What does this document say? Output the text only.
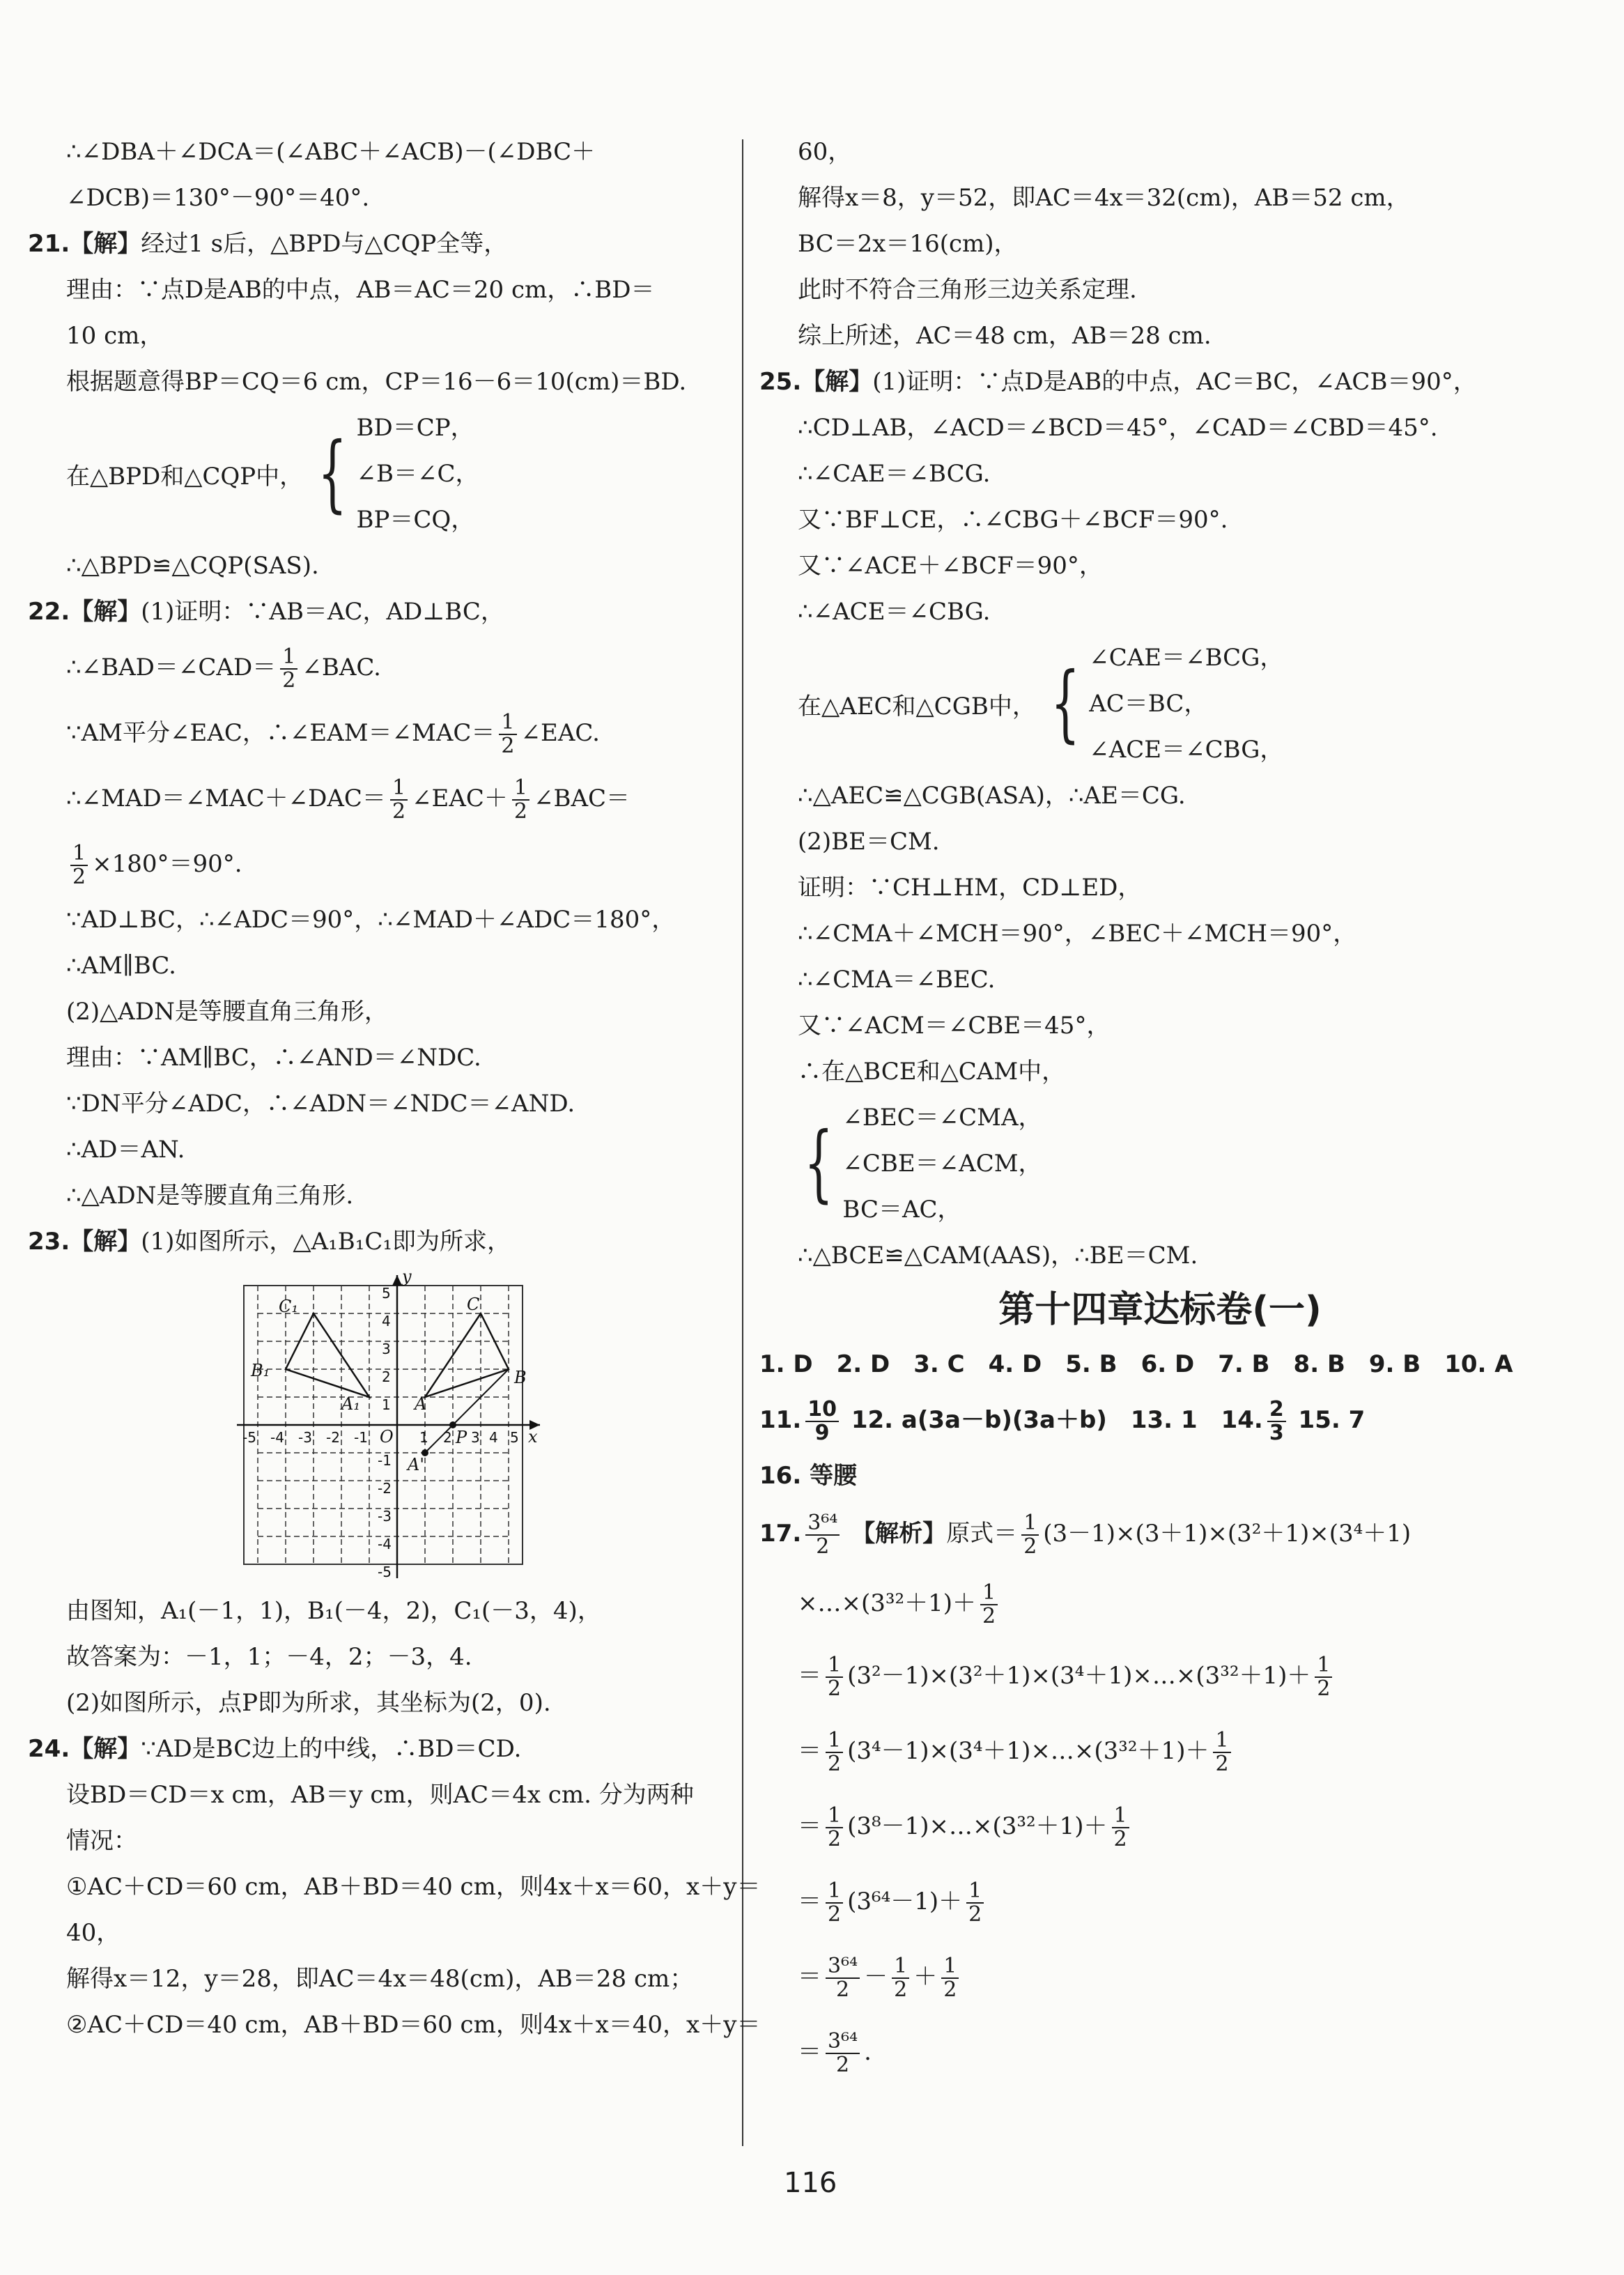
∴∠DBA＋∠DCA＝(∠ABC＋∠ACB)－(∠DBC＋
∠DCB)＝130°－90°＝40°.
21.【解】经过1 s后，△BPD与△CQP全等，
理由：∵点D是AB的中点，AB＝AC＝20 cm，∴BD＝
10 cm，
根据题意得BP＝CQ＝6 cm，CP＝16－6＝10(cm)＝BD.
在△BPD和△CQP中， { BD＝CP，
∠B＝∠C，
BP＝CQ，
∴△BPD≌△CQP(SAS).
22.【解】(1)证明：∵AB＝AC，AD⊥BC，
∴∠BAD＝∠CAD＝ $\frac{1}{2}$ ∠BAC.
∵AM平分∠EAC，∴∠EAM＝∠MAC＝ $\frac{1}{2}$ ∠EAC.
∴∠MAD＝∠MAC＋∠DAC＝ $\frac{1}{2}$ ∠EAC＋ $\frac{1}{2}$ ∠BAC＝
$\frac{1}{2} \times 180^\circ=90^\circ$.
∵AD⊥BC，∴∠ADC＝90°，∴∠MAD＋∠ADC＝180°，
∴AM∥BC.
(2)△ADN是等腰直角三角形，
理由：∵AM∥BC，∴∠AND＝∠NDC.
∵DN平分∠ADC，∴∠ADN＝∠NDC＝∠AND.
∴AD＝AN.
∴△ADN是等腰直角三角形.
23.【解】(1)如图所示，△A₁B₁C₁即为所求，
y
x
O
C₁
B₁
A₁
C
B
A
P
A'
-5 -4 -3 -2 -1	1 2 3 4 5
5
4
3
2
1
-1
-2
-3
-4
-5
由图知，A₁(－1，1)，B₁(－4，2)，C₁(－3，4)，
故答案为：－1，1；－4，2；－3，4.
(2)如图所示，点P即为所求，其坐标为(2，0).
24.【解】∵AD是BC边上的中线，∴BD＝CD.
设BD＝CD＝x cm，AB＝y cm，则AC＝4x cm. 分为两种
情况：
①AC＋CD＝60 cm，AB＋BD＝40 cm，则4x＋x＝60，x＋y＝
40，
解得x＝12，y＝28，即AC＝4x＝48(cm)，AB＝28 cm；
②AC＋CD＝40 cm，AB＋BD＝60 cm，则4x＋x＝40，x＋y＝
60，
解得x＝8，y＝52，即AC＝4x＝32(cm)，AB＝52 cm，
BC＝2x＝16(cm)，
此时不符合三角形三边关系定理.
综上所述，AC＝48 cm，AB＝28 cm.
25.【解】(1)证明：∵点D是AB的中点，AC＝BC，∠ACB＝90°，
∴CD⊥AB，∠ACD＝∠BCD＝45°，∠CAD＝∠CBD＝45°.
∴∠CAE＝∠BCG.
又∵BF⊥CE，∴∠CBG＋∠BCF＝90°.
又∵∠ACE＋∠BCF＝90°，
∴∠ACE＝∠CBG.
在△AEC和△CGB中， { ∠CAE＝∠BCG，
AC＝BC，
∠ACE＝∠CBG，
∴△AEC≌△CGB(ASA)，∴AE＝CG.
(2)BE＝CM.
证明：∵CH⊥HM，CD⊥ED，
∴∠CMA＋∠MCH＝90°，∠BEC＋∠MCH＝90°，
∴∠CMA＝∠BEC.
又∵∠ACM＝∠CBE＝45°，
∴在△BCE和△CAM中，
{ ∠BEC＝∠CMA，
∠CBE＝∠ACM，
BC＝AC，
∴△BCE≌△CAM(AAS)，∴BE＝CM.
第十四章达标卷(一)
1. D　2. D　3. C　4. D　5. B　6. D　7. B　8. B　9. B　10. A
11. $\frac{10}{9} 12$. a(3a－b)(3a＋b)　13. 1　14. $\frac{2}{3} 15$. 7
16. 等腰
17. $\frac{\text{3⁶⁴}}{2}$ 【解析】原式＝ $\frac{1}{2} (3-1)\times(3+1)\times(3^2+1)\times(3^4+1)$
×…×(3³²＋1)＋ $\frac{1}{2}$
＝ $\frac{1}{2}$ (3²－1)×(3²＋1)×(3⁴＋1)×…×(3³²＋1)＋ $\frac{1}{2}$
＝ $\frac{1}{2}$ (3⁴－1)×(3⁴＋1)×…×(3³²＋1)＋ $\frac{1}{2}$
＝ $\frac{1}{2}$ (3⁸－1)×…×(3³²＋1)＋ $\frac{1}{2}$
＝ $\frac{1}{2} (3^{64}-1)+ \frac{1}{2}$
＝ $\frac{\text{3⁶⁴}}{2} - \frac{1}{2} + \frac{1}{2}$
＝ $\frac{\text{3⁶⁴}}{2}$ .
116
